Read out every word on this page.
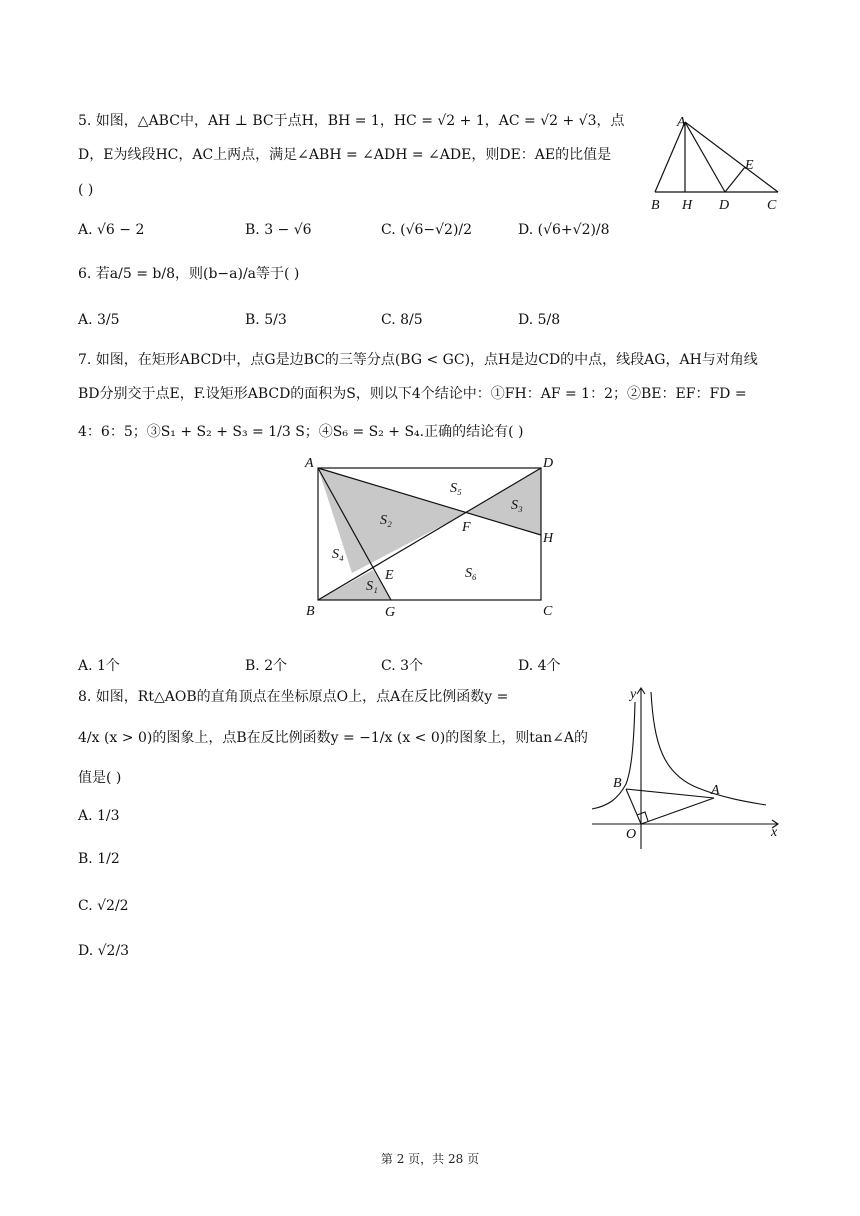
5. 如图，△ABC中，AH ⊥ BC于点H，BH = 1，HC = √2 + 1，AC = √2 + √3，点
D，E为线段HC，AC上两点，满足∠ABH = ∠ADH = ∠ADE，则DE：AE的比值是
( )
A. √6 − 2	B. 3 − √6	C. (√6−√2)/2	D. (√6+√2)/8
A
B H D	C
E
6. 若a/5 = b/8，则(b−a)/a等于( )
A. 3/5	B. 5/3	C. 8/5	D. 5/8
7. 如图，在矩形ABCD中，点G是边BC的三等分点(BG < GC)，点H是边CD的中点，线段AG，AH与对角线
BD分别交于点E，F.设矩形ABCD的面积为S，则以下4个结论中：①FH：AF = 1：2；②BE：EF：FD =
4：6：5；③S₁ + S₂ + S₃ = 1/3 S；④S₆ = S₂ + S₄.正确的结论有( )
A	D
B	G	C
H
F
E
S₂
S₃
S₅
S₄
S₁
S₆
A. 1个	B. 2个	C. 3个	D. 4个
8. 如图，Rt△AOB的直角顶点在坐标原点O上，点A在反比例函数y =
4/x (x > 0)的图象上，点B在反比例函数y = −1/x (x < 0)的图象上，则tan∠A的
值是( )
A. 1/3
B. 1/2
C. √2/2
D. √2/3
y
x
A
B
O
第 2 页，共 28 页
